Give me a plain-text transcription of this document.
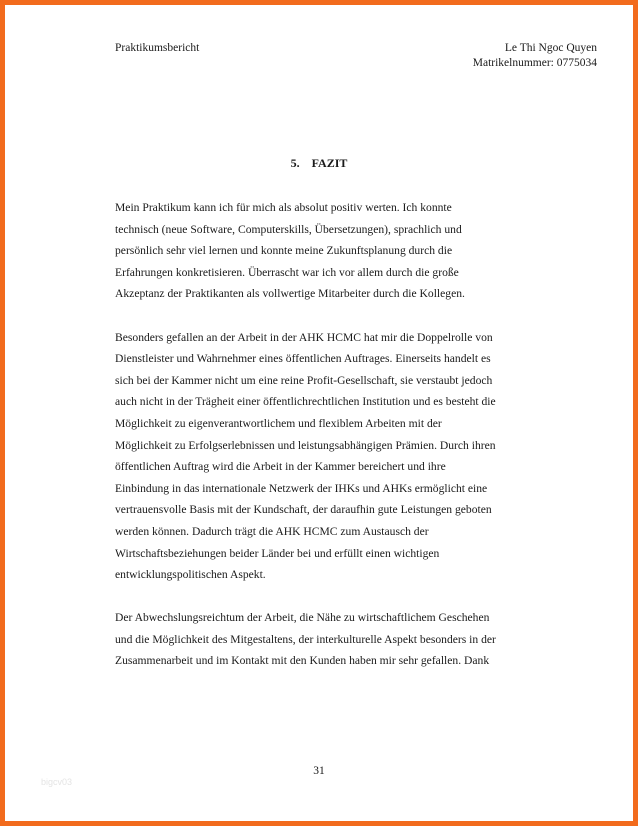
Praktikumsbericht	Le Thi Ngoc Quyen
Matrikelnummer: 0775034
5. FAZIT
Mein Praktikum kann ich für mich als absolut positiv werten. Ich konnte
technisch (neue Software, Computerskills, Übersetzungen), sprachlich und
persönlich sehr viel lernen und konnte meine Zukunftsplanung durch die
Erfahrungen konkretisieren. Überrascht war ich vor allem durch die große
Akzeptanz der Praktikanten als vollwertige Mitarbeiter durch die Kollegen.
Besonders gefallen an der Arbeit in der AHK HCMC hat mir die Doppelrolle von
Dienstleister und Wahrnehmer eines öffentlichen Auftrages. Einerseits handelt es
sich bei der Kammer nicht um eine reine Profit-Gesellschaft, sie verstaubt jedoch
auch nicht in der Trägheit einer öffentlichrechtlichen Institution und es besteht die
Möglichkeit zu eigenverantwortlichem und flexiblem Arbeiten mit der
Möglichkeit zu Erfolgserlebnissen und leistungsabhängigen Prämien. Durch ihren
öffentlichen Auftrag wird die Arbeit in der Kammer bereichert und ihre
Einbindung in das internationale Netzwerk der IHKs und AHKs ermöglicht eine
vertrauensvolle Basis mit der Kundschaft, der daraufhin gute Leistungen geboten
werden können. Dadurch trägt die AHK HCMC zum Austausch der
Wirtschaftsbeziehungen beider Länder bei und erfüllt einen wichtigen
entwicklungspolitischen Aspekt.
Der Abwechslungsreichtum der Arbeit, die Nähe zu wirtschaftlichem Geschehen
und die Möglichkeit des Mitgestaltens, der interkulturelle Aspekt besonders in der
Zusammenarbeit und im Kontakt mit den Kunden haben mir sehr gefallen. Dank
31
bigcv03
